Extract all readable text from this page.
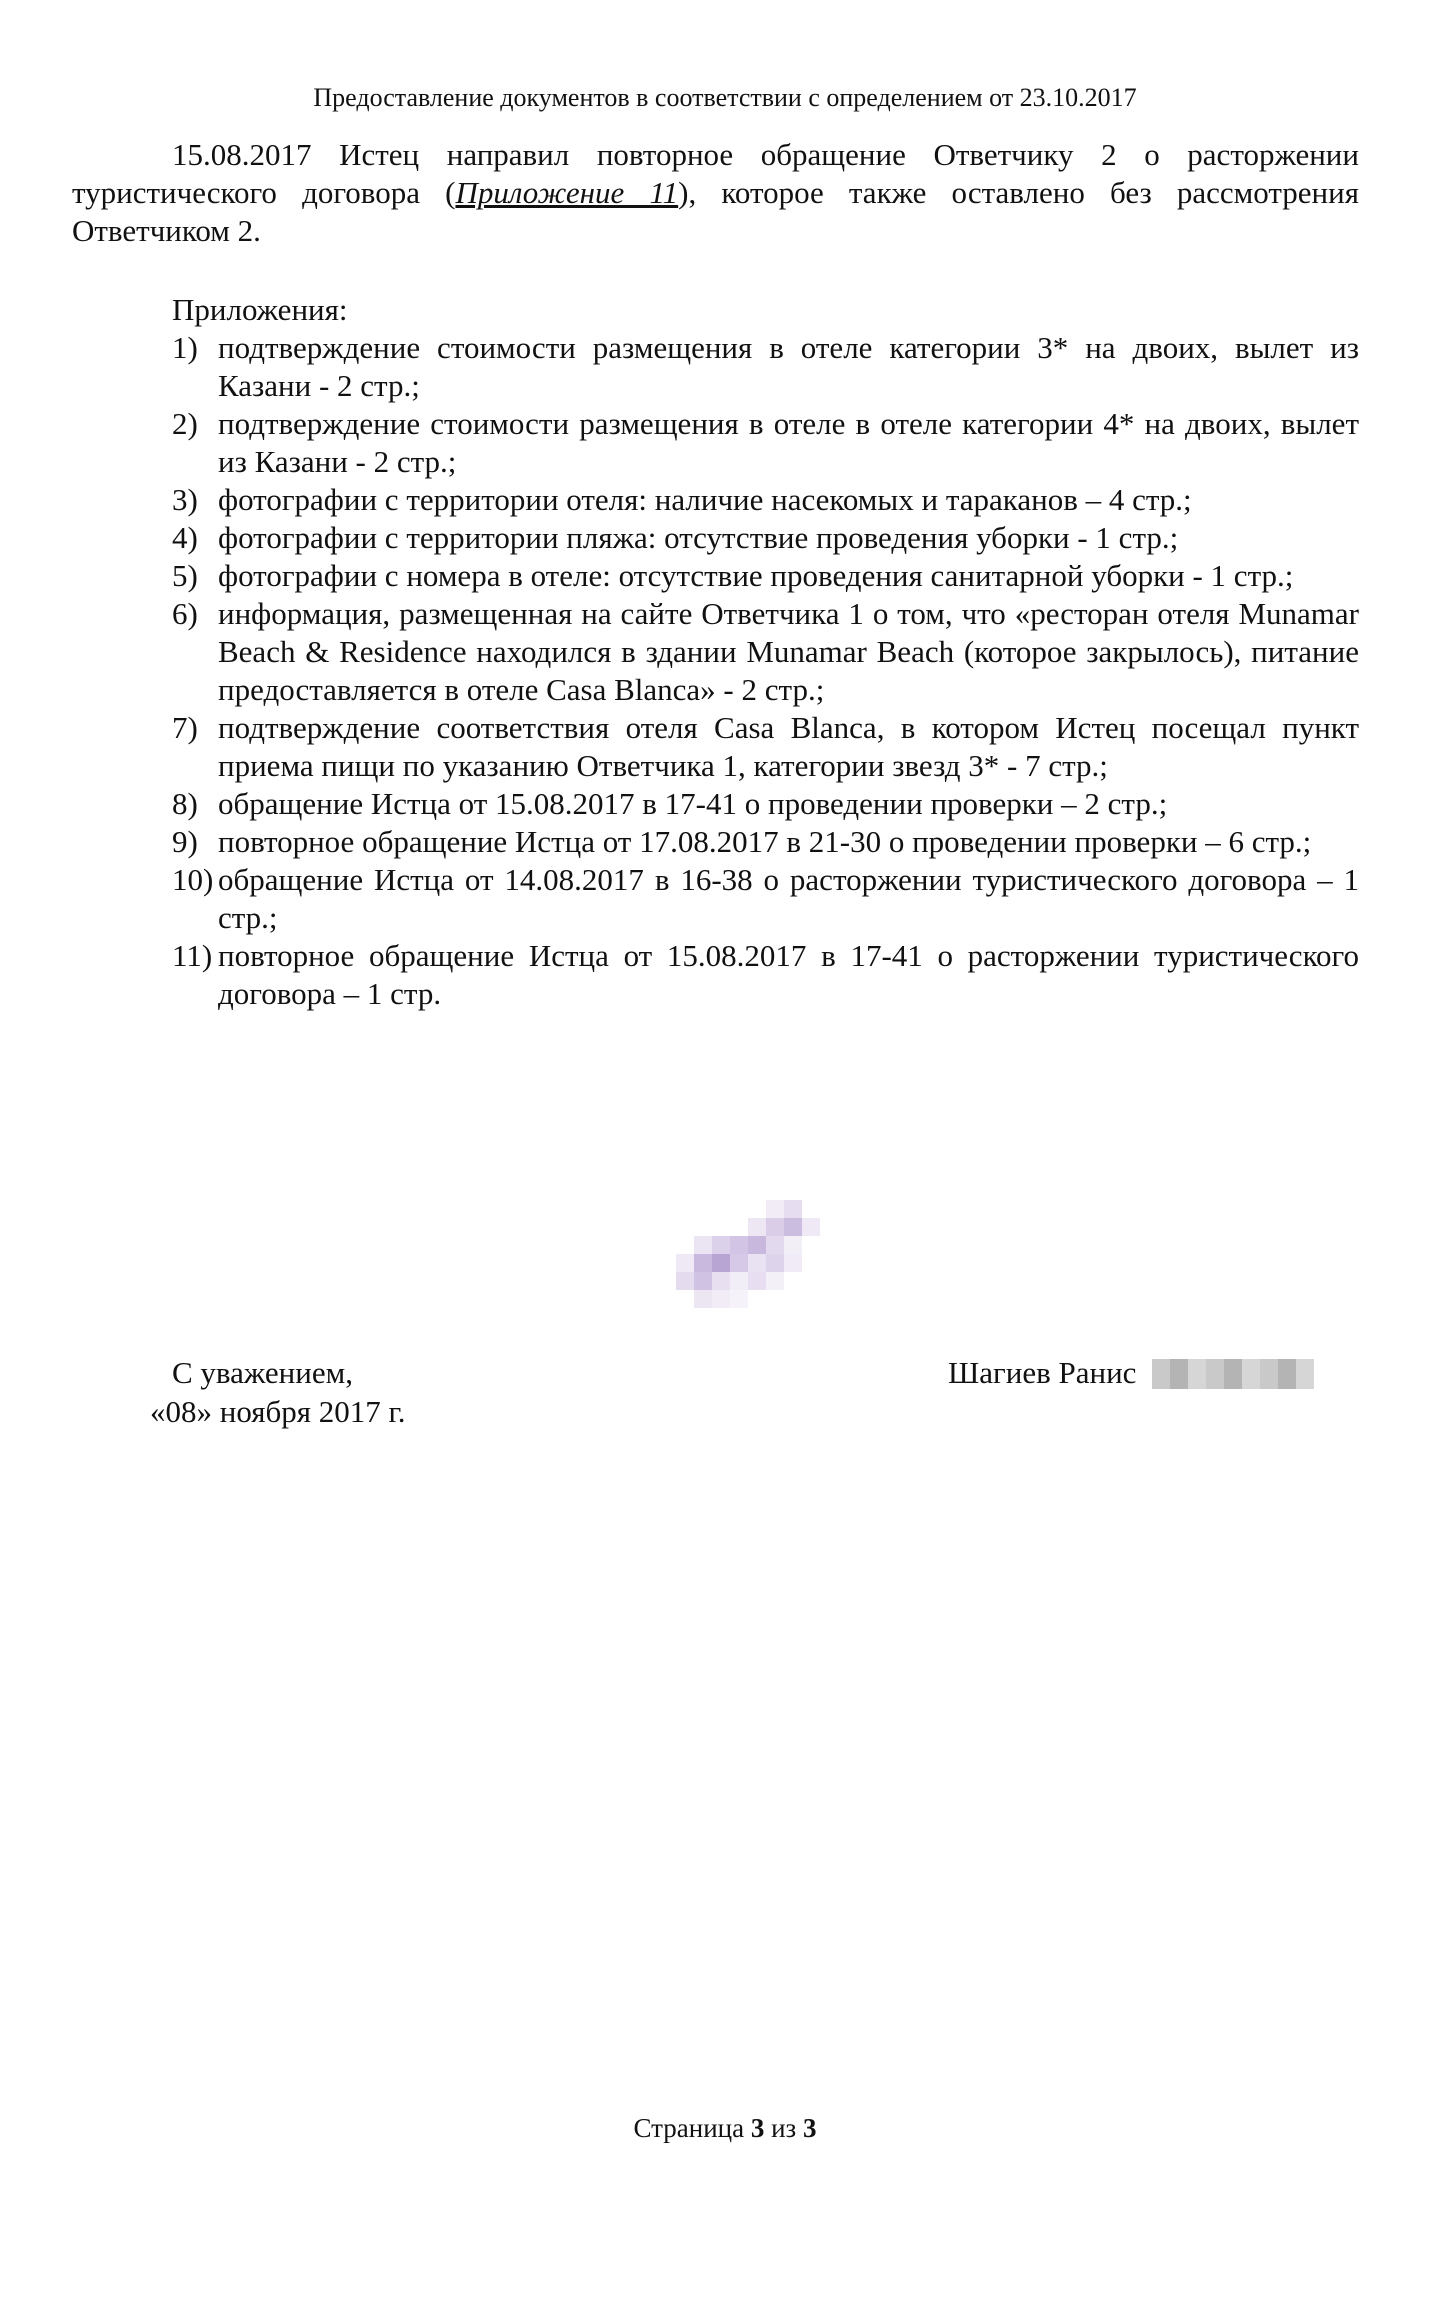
Предоставление документов в соответствии с определением от 23.10.2017

15.08.2017 Истец направил повторное обращение Ответчику 2 о расторжении туристического договора (Приложение 11), которое также оставлено без рассмотрения Ответчиком 2.

Приложения:
1) подтверждение стоимости размещения в отеле категории 3* на двоих, вылет из Казани - 2 стр.;
2) подтверждение стоимости размещения в отеле в отеле категории 4* на двоих, вылет из Казани - 2 стр.;
3) фотографии с территории отеля: наличие насекомых и тараканов – 4 стр.;
4) фотографии с территории пляжа: отсутствие проведения уборки - 1 стр.;
5) фотографии с номера в отеле: отсутствие проведения санитарной уборки - 1 стр.;
6) информация, размещенная на сайте Ответчика 1 о том, что «ресторан отеля Munamar Beach & Residence находился в здании Munamar Beach (которое закрылось), питание предоставляется в отеле Casa Blanca» - 2 стр.;
7) подтверждение соответствия отеля Casa Blanca, в котором Истец посещал пункт приема пищи по указанию Ответчика 1, категории звезд 3* - 7 стр.;
8) обращение Истца от 15.08.2017 в 17-41 о проведении проверки – 2 стр.;
9) повторное обращение Истца от 17.08.2017 в 21-30 о проведении проверки – 6 стр.;
10) обращение Истца от 14.08.2017 в 16-38 о расторжении туристического договора – 1 стр.;
11) повторное обращение Истца от 15.08.2017 в 17-41 о расторжении туристического договора – 1 стр.
С уважением,
«08» ноября 2017 г.
Шагиев Ранис
Страница 3 из 3
